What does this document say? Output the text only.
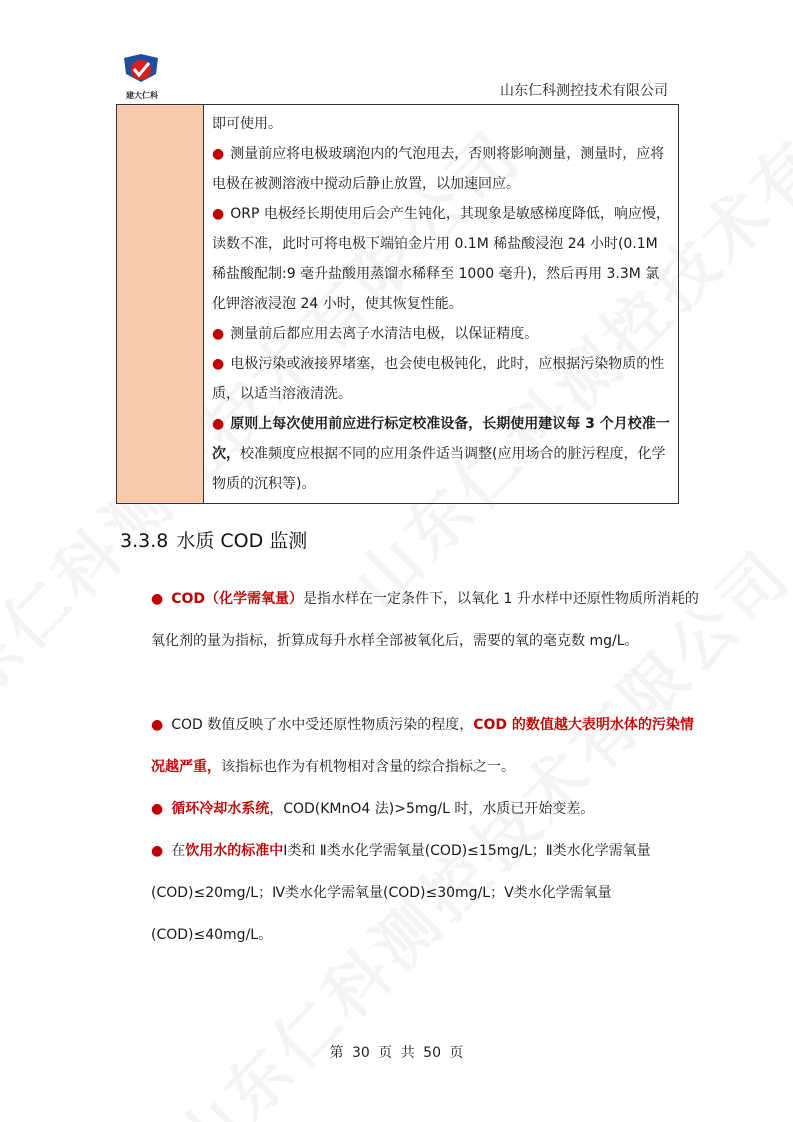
建大仁科	山东仁科测控技术有限公司

即可使用。

● 测量前应将电极玻璃泡内的气泡甩去，否则将影响测量，测量时，应将电极在被测溶液中搅动后静止放置，以加速回应。

● ORP 电极经长期使用后会产生钝化，其现象是敏感梯度降低，响应慢，读数不准，此时可将电极下端铂金片用 0.1M 稀盐酸浸泡 24 小时(0.1M 稀盐酸配制:9 毫升盐酸用蒸馏水稀释至 1000 毫升)，然后再用 3.3M 氯化钾溶液浸泡 24 小时，使其恢复性能。

● 测量前后都应用去离子水清洁电极，以保证精度。

● 电极污染或液接界堵塞，也会使电极钝化，此时，应根据污染物质的性质，以适当溶液清洗。

● 原则上每次使用前应进行标定校准设备，长期使用建议每 3 个月校准一次，校准频度应根据不同的应用条件适当调整(应用场合的脏污程度，化学物质的沉积等)。

3.3.8 水质 COD 监测
● COD（化学需氧量）是指水样在一定条件下，以氧化 1 升水样中还原性物质所消耗的氧化剂的量为指标，折算成每升水样全部被氧化后，需要的氧的毫克数 mg/L。
● COD 数值反映了水中受还原性物质污染的程度，COD 的数值越大表明水体的污染情况越严重，该指标也作为有机物相对含量的综合指标之一。
● 循环冷却水系统，COD(KMnO4 法)>5mg/L 时，水质已开始变差。
● 在饮用水的标准中Ⅰ类和 Ⅱ类水化学需氧量(COD)≤15mg/L；Ⅱ类水化学需氧量(COD)≤20mg/L；Ⅳ类水化学需氧量(COD)≤30mg/L；Ⅴ类水化学需氧量(COD)≤40mg/L。
第 30 页 共 50 页
